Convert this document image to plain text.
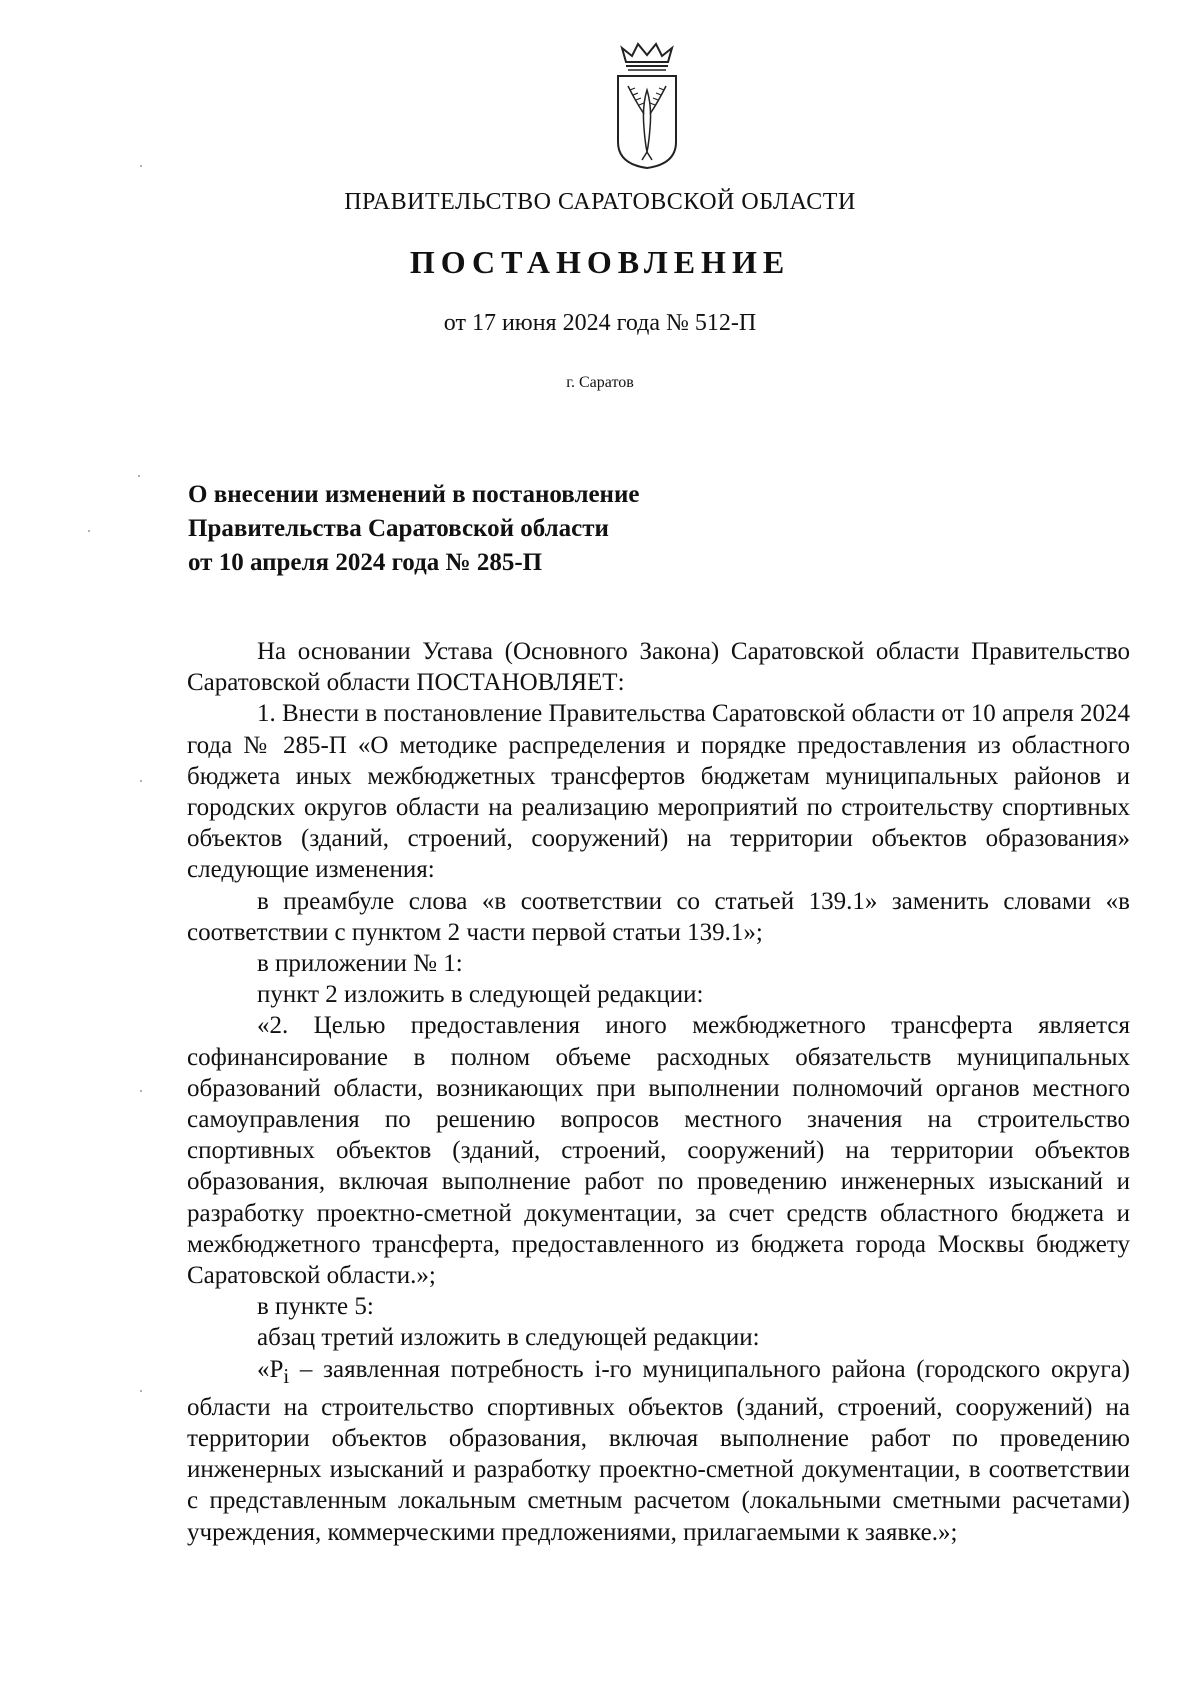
ПРАВИТЕЛЬСТВО САРАТОВСКОЙ ОБЛАСТИ
ПОСТАНОВЛЕНИЕ
от 17 июня 2024 года № 512-П
г. Саратов
О внесении изменений в постановление
Правительства Саратовской области
от 10 апреля 2024 года № 285-П

На основании Устава (Основного Закона) Саратовской области Правительство Саратовской области ПОСТАНОВЛЯЕТ:

1. Внести в постановление Правительства Саратовской области от 10 апреля 2024 года № 285-П «О методике распределения и порядке предоставления из областного бюджета иных межбюджетных трансфертов бюджетам муниципальных районов и городских округов области на реализацию мероприятий по строительству спортивных объектов (зданий, строений, сооружений) на территории объектов образования» следующие изменения:

в преамбуле слова «в соответствии со статьей 139.1» заменить словами «в соответствии с пунктом 2 части первой статьи 139.1»;

в приложении № 1:

пункт 2 изложить в следующей редакции:

«2. Целью предоставления иного межбюджетного трансферта является софинансирование в полном объеме расходных обязательств муниципальных образований области, возникающих при выполнении полномочий органов местного самоуправления по решению вопросов местного значения на строительство спортивных объектов (зданий, строений, сооружений) на территории объектов образования, включая выполнение работ по проведению инженерных изысканий и разработку проектно-сметной документации, за счет средств областного бюджета и межбюджетного трансферта, предоставленного из бюджета города Москвы бюджету Саратовской области.»;

в пункте 5:

абзац третий изложить в следующей редакции:

«$P_i$ – заявленная потребность i-го муниципального района (городского округа) области на строительство спортивных объектов (зданий, строений, сооружений) на территории объектов образования, включая выполнение работ по проведению инженерных изысканий и разработку проектно-сметной документации, в соответствии с представленным локальным сметным расчетом (локальными сметными расчетами) учреждения, коммерческими предложениями, прилагаемыми к заявке.»;
